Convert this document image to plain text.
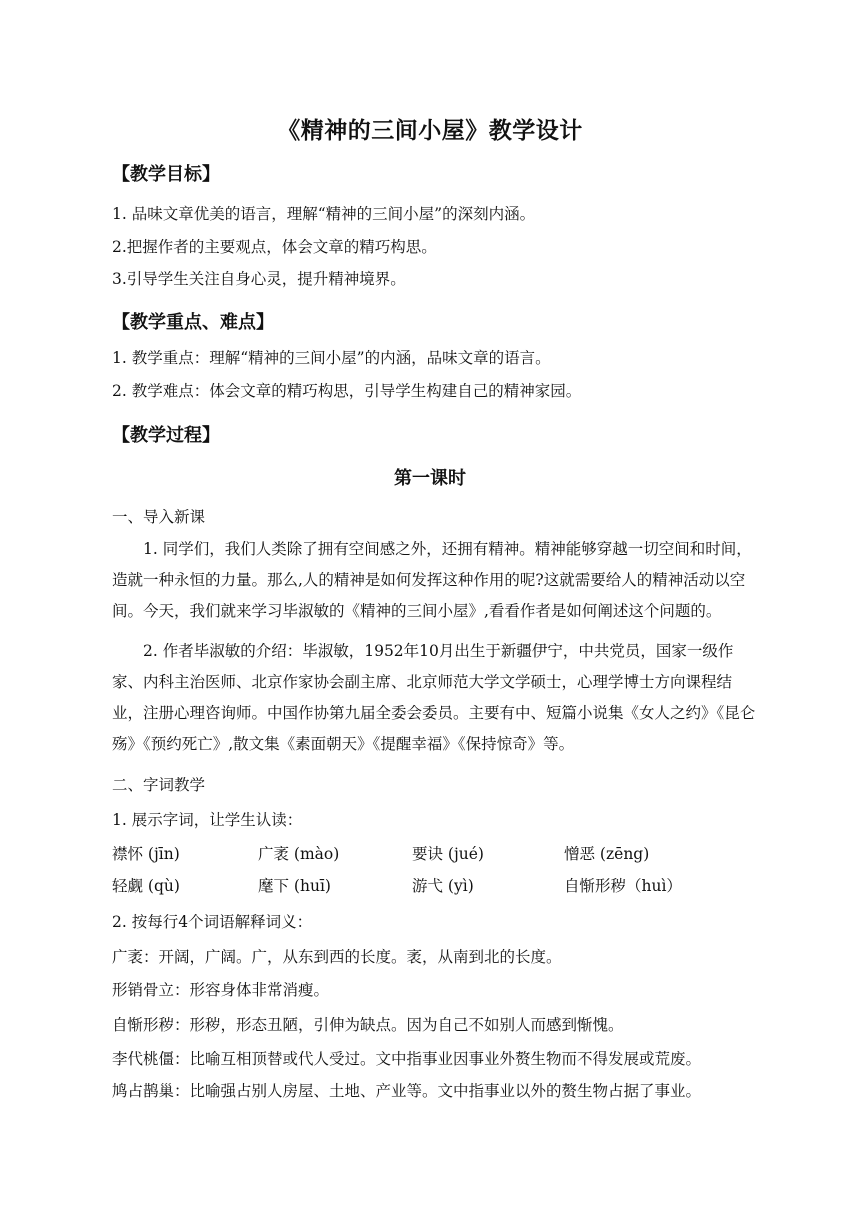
《精神的三间小屋》教学设计
【教学目标】
1. 品味文章优美的语言，理解“精神的三间小屋”的深刻内涵。
2.把握作者的主要观点，体会文章的精巧构思。
3.引导学生关注自身心灵，提升精神境界。
【教学重点、难点】
1. 教学重点：理解“精神的三间小屋”的内涵，品味文章的语言。
2. 教学难点：体会文章的精巧构思，引导学生构建自己的精神家园。
【教学过程】
第一课时
一、导入新课
1. 同学们，我们人类除了拥有空间感之外，还拥有精神。精神能够穿越一切空间和时间，造就一种永恒的力量。那么,人的精神是如何发挥这种作用的呢?这就需要给人的精神活动以空间。今天，我们就来学习毕淑敏的《精神的三间小屋》,看看作者是如何阐述这个问题的。
2. 作者毕淑敏的介绍：毕淑敏，1952年10月出生于新疆伊宁，中共党员，国家一级作家、内科主治医师、北京作家协会副主席、北京师范大学文学硕士，心理学博士方向课程结业，注册心理咨询师。中国作协第九届全委会委员。主要有中、短篇小说集《女人之约》《昆仑殇》《预约死亡》,散文集《素面朝天》《提醒幸福》《保持惊奇》等。
二、字词教学
1. 展示字词，让学生认读：
襟怀 (jīn)	广袤 (mào)	要诀 (jué)	憎恶 (zēng)
轻觑 (qù)	麾下 (huī)	游弋 (yì)	自惭形秽（huì）
2. 按每行4个词语解释词义：
广袤：开阔，广阔。广，从东到西的长度。袤，从南到北的长度。
形销骨立：形容身体非常消瘦。
自惭形秽：形秽，形态丑陋，引伸为缺点。因为自己不如别人而感到惭愧。
李代桃僵：比喻互相顶替或代人受过。文中指事业因事业外赘生物而不得发展或荒废。
鸠占鹊巢：比喻强占别人房屋、土地、产业等。文中指事业以外的赘生物占据了事业。
